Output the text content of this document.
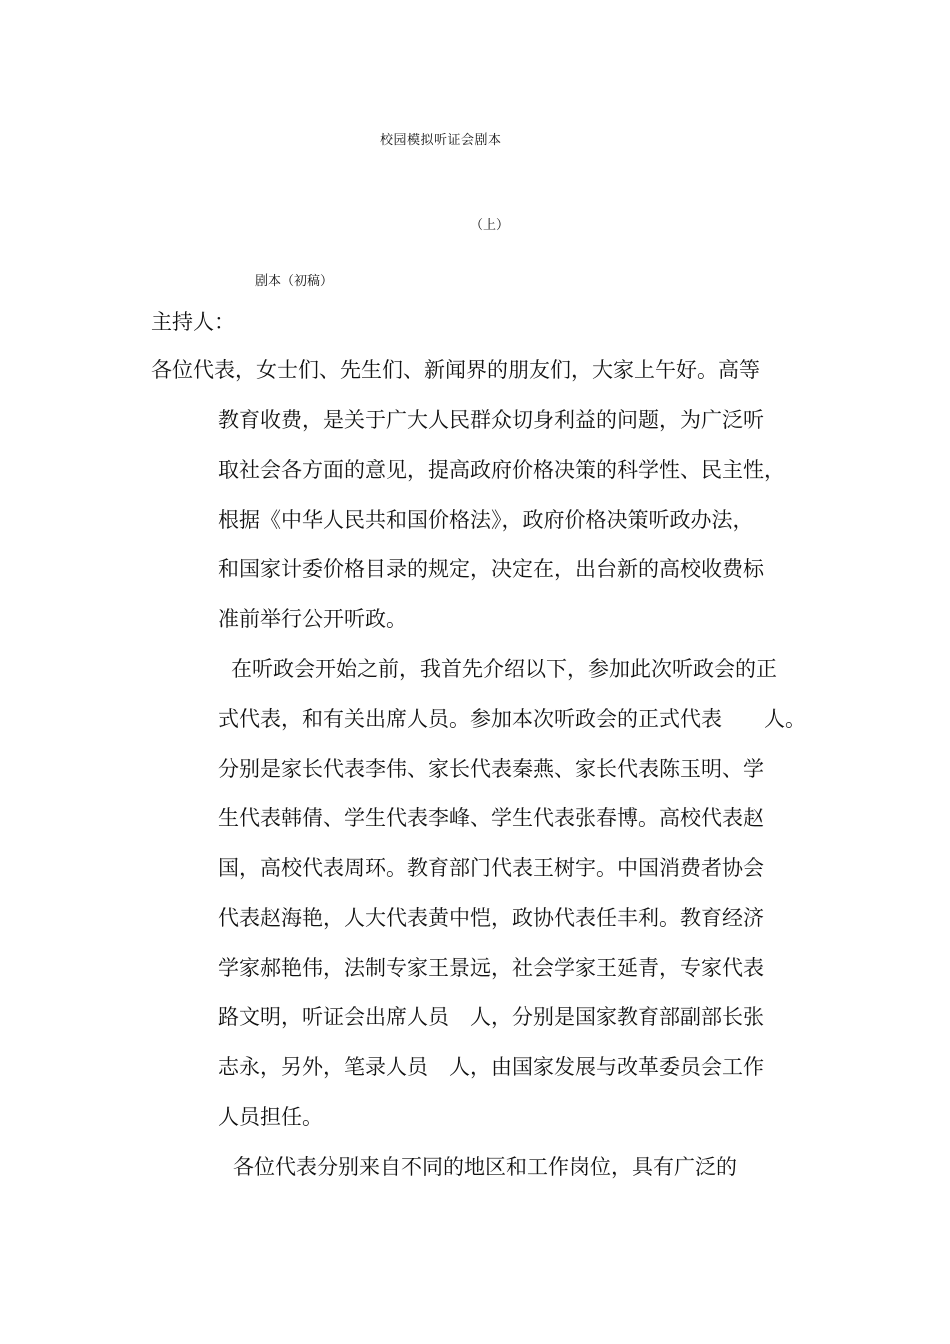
校园模拟听证会剧本

（上）

剧本（初稿）

主持人：

各位代表，女士们、先生们、新闻界的朋友们，大家上午好。高等

教育收费，是关于广大人民群众切身利益的问题，为广泛听

取社会各方面的意见，提高政府价格决策的科学性、民主性，

根据《中华人民共和国价格法》，政府价格决策听政办法，

和国家计委价格目录的规定，决定在，出台新的高校收费标

准前举行公开听政。

在听政会开始之前，我首先介绍以下，参加此次听政会的正

式代表，和有关出席人员。参加本次听政会的正式代表　　人。

分别是家长代表李伟、家长代表秦燕、家长代表陈玉明、学

生代表韩倩、学生代表李峰、学生代表张春博。高校代表赵

国，高校代表周环。教育部门代表王树宇。中国消费者协会

代表赵海艳，人大代表黄中恺，政协代表任丰利。教育经济

学家郝艳伟，法制专家王景远，社会学家王延青，专家代表

路文明，听证会出席人员　人，分别是国家教育部副部长张

志永，另外，笔录人员　人，由国家发展与改革委员会工作

人员担任。

各位代表分别来自不同的地区和工作岗位，具有广泛的
